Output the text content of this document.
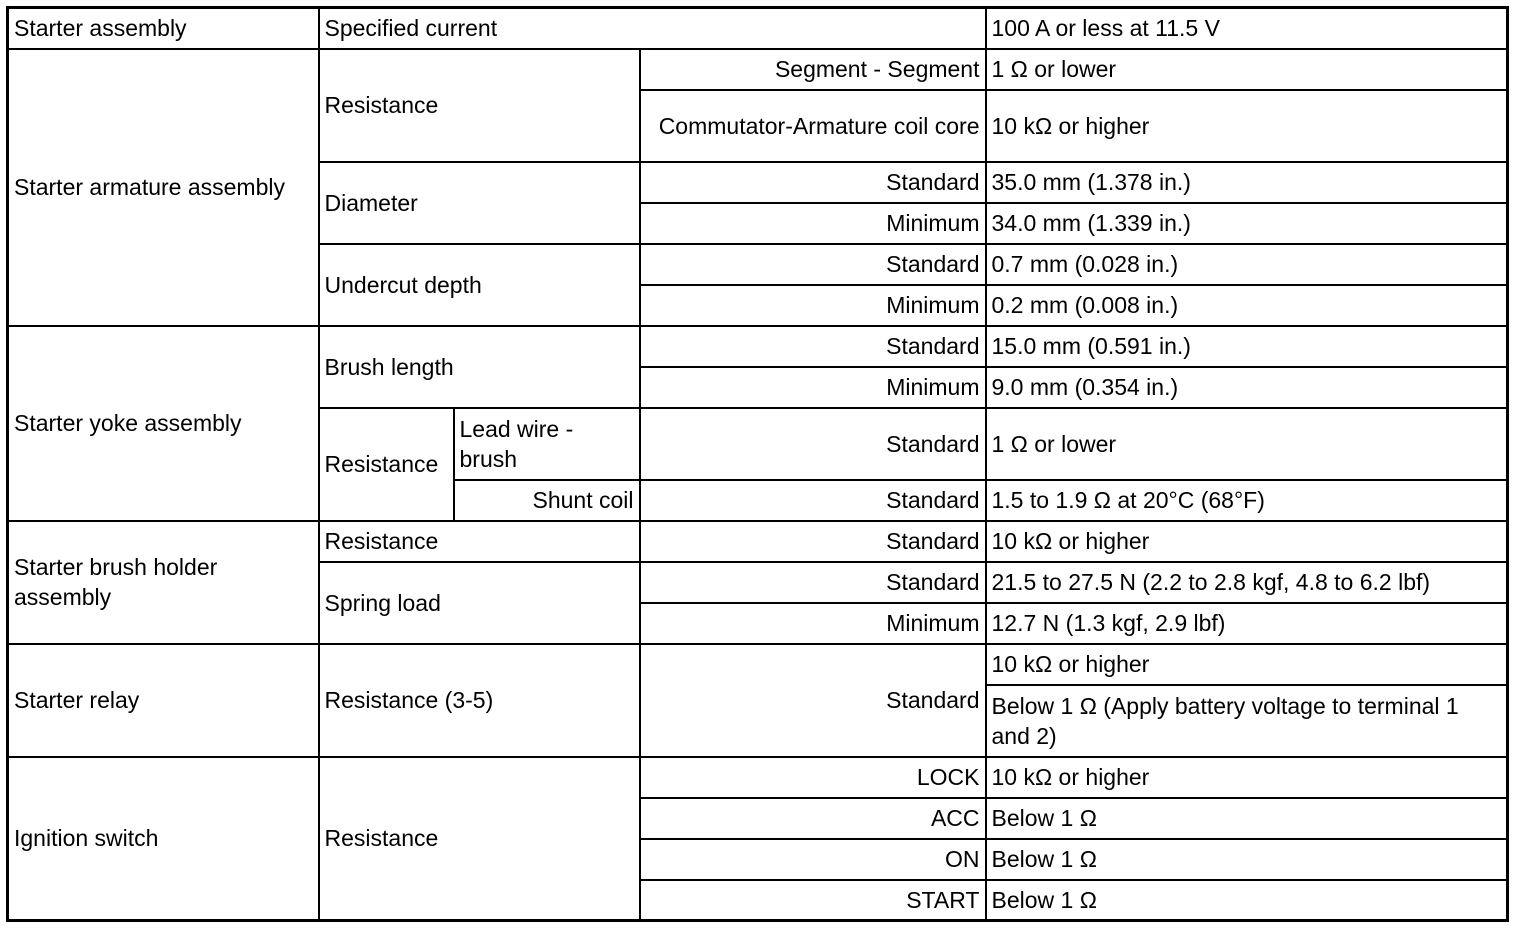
Starter assembly	Specified current			100 A or less at 11.5 V
Starter armature assembly	Resistance		Segment - Segment	1 Ω or lower
			Commutator-Armature coil core	10 kΩ or higher
	Diameter		Standard	35.0 mm (1.378 in.)
			Minimum	34.0 mm (1.339 in.)
	Undercut depth		Standard	0.7 mm (0.028 in.)
			Minimum	0.2 mm (0.008 in.)
Starter yoke assembly	Brush length		Standard	15.0 mm (0.591 in.)
			Minimum	9.0 mm (0.354 in.)
	Resistance	Lead wire - brush	Standard	1 Ω or lower
		Shunt coil	Standard	1.5 to 1.9 Ω at 20°C (68°F)
Starter brush holder assembly	Resistance		Standard	10 kΩ or higher
	Spring load		Standard	21.5 to 27.5 N (2.2 to 2.8 kgf, 4.8 to 6.2 lbf)
			Minimum	12.7 N (1.3 kgf, 2.9 lbf)
Starter relay	Resistance (3-5)		Standard	10 kΩ or higher
				Below 1 Ω (Apply battery voltage to terminal 1 and 2)
Ignition switch	Resistance		LOCK	10 kΩ or higher
			ACC	Below 1 Ω
			ON	Below 1 Ω
			START	Below 1 Ω
